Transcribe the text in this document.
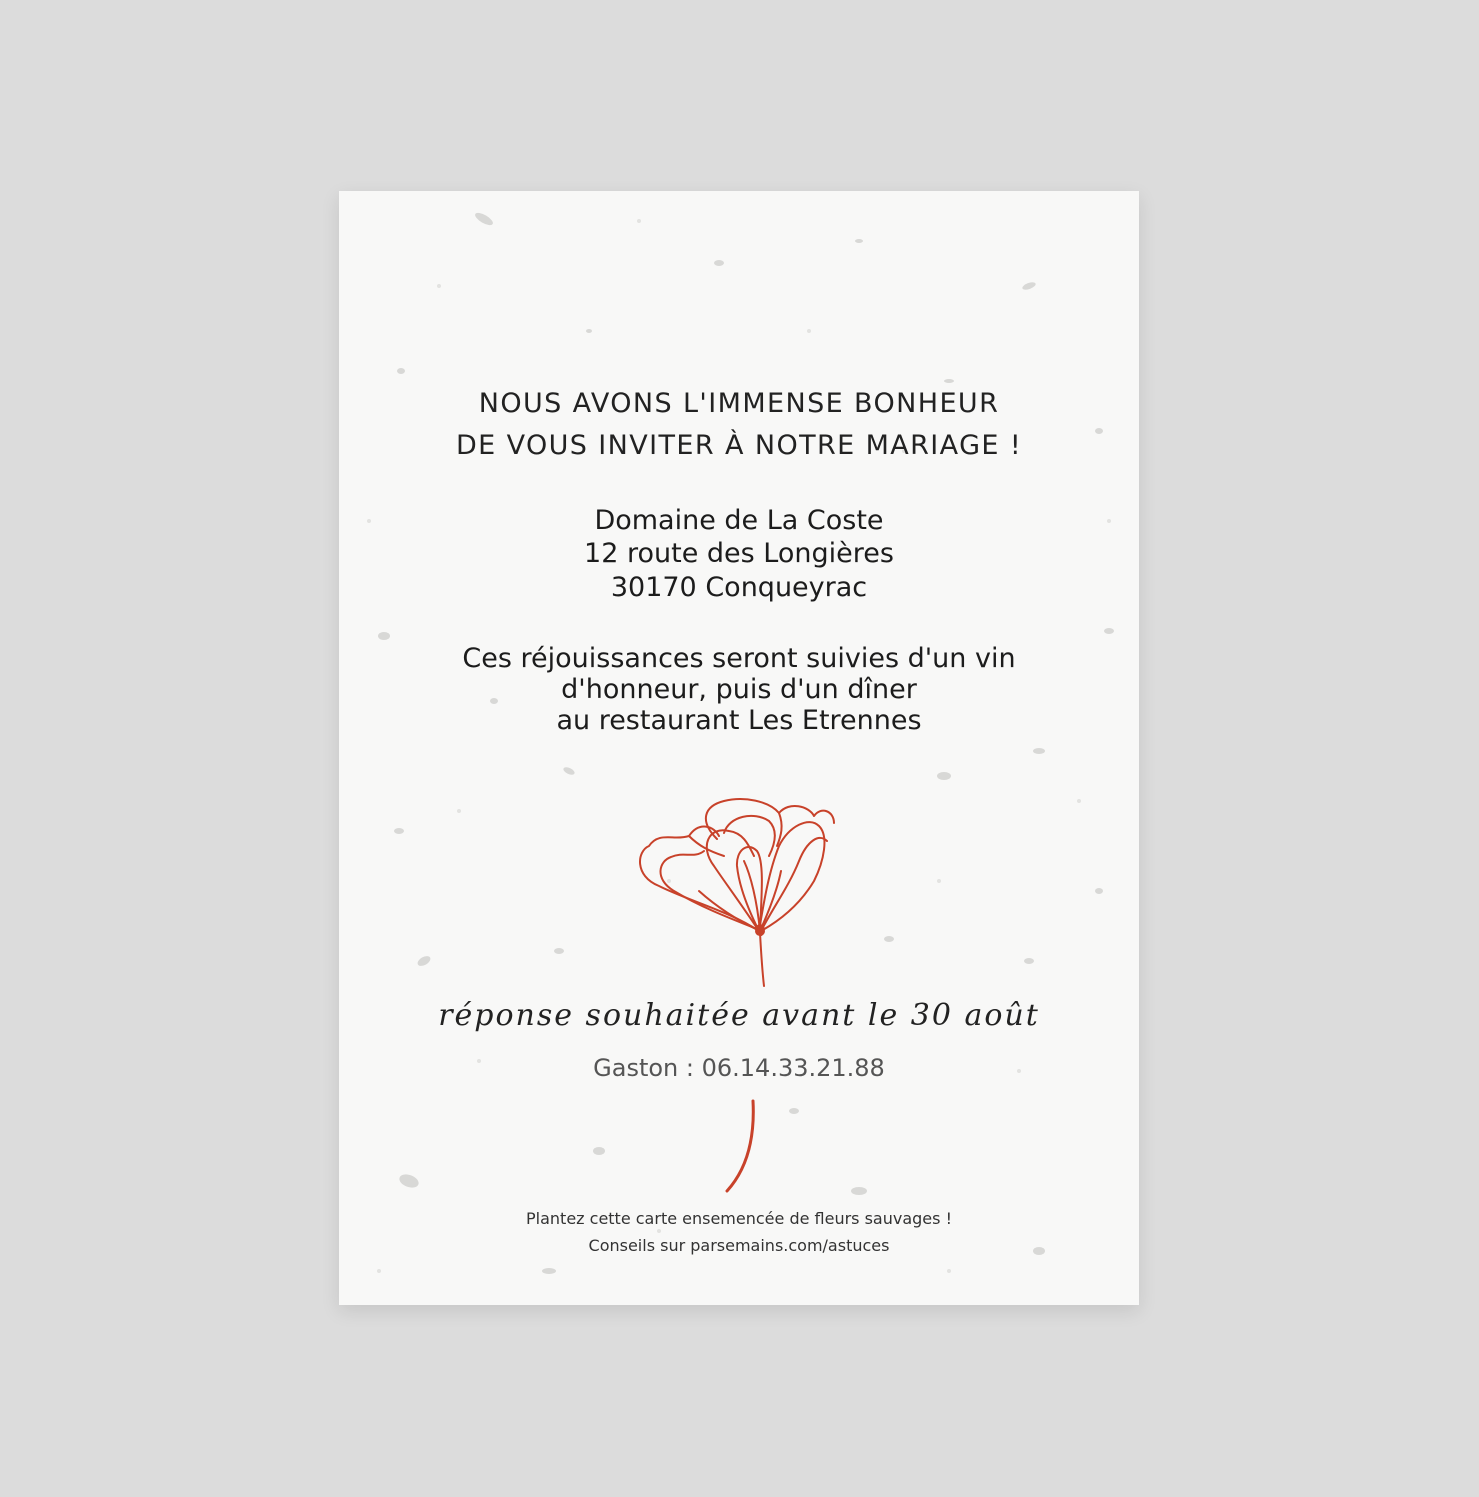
NOUS AVONS L'IMMENSE BONHEUR
DE VOUS INVITER À NOTRE MARIAGE !
Domaine de La Coste
12 route des Longières
30170 Conqueyrac
Ces réjouissances seront suivies d'un vin
d'honneur, puis d'un dîner
au restaurant Les Etrennes
réponse souhaitée avant le 30 août
Gaston : 06.14.33.21.88
Plantez cette carte ensemencée de fleurs sauvages !
Conseils sur parsemains.com/astuces
